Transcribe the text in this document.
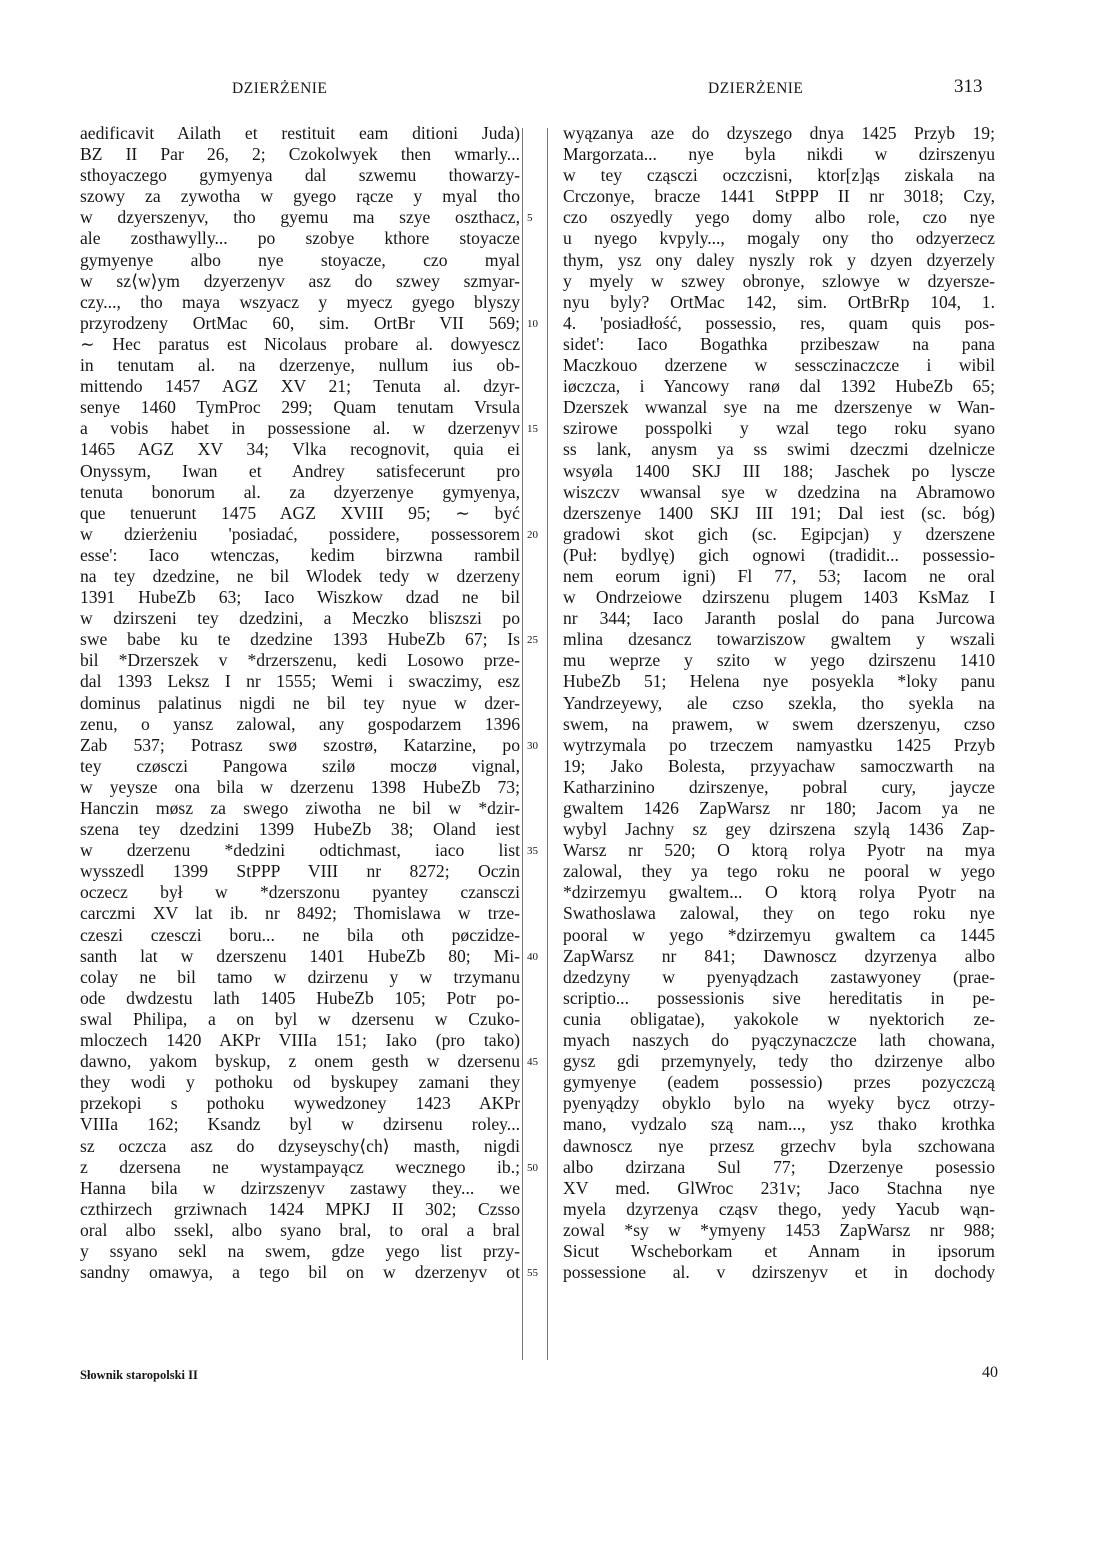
DZIERŻENIE	DZIERŻENIE	313
aedificavit Ailath et restituit eam ditioni Juda)
BZ II Par 26, 2; Czokolwyek then wmarly...
sthoyaczego gymyenya dal szwemu thowarzy-
szowy za zywotha w gyego rącze y myal tho
w dzyerszenyv, tho gyemu ma szye oszthacz,
ale zosthawylly... po szobye kthore stoyacze
gymyenye albo nye stoyacze, czo myal
w sz⟨w⟩ym dzyerzenyv asz do szwey szmyar-
czy..., tho maya wszyacz y myecz gyego blyszy
przyrodzeny OrtMac 60, sim. OrtBr VII 569;
∼ Hec paratus est Nicolaus probare al. dowyescz
in tenutam al. na dzerzenye, nullum ius ob-
mittendo 1457 AGZ XV 21; Tenuta al. dzyr-
senye 1460 TymProc 299; Quam tenutam Vrsula
a vobis habet in possessione al. w dzerzenyv
1465 AGZ XV 34; Vlka recognovit, quia ei
Onyssym, Iwan et Andrey satisfecerunt pro
tenuta bonorum al. za dzyerzenye gymyenya,
que tenuerunt 1475 AGZ XVIII 95; ∼ być
w dzierżeniu 'posiadać, possidere, possessorem
esse': Iaco wtenczas, kedim birzwna rambil
na tey dzedzine, ne bil Wlodek tedy w dzerzeny
1391 HubeZb 63; Iaco Wiszkow dzad ne bil
w dzirszeni tey dzedzini, a Meczko bliszszi po
swe babe ku te dzedzine 1393 HubeZb 67; Is
bil *Drzerszek v *drzerszenu, kedi Losowo prze-
dal 1393 Leksz I nr 1555; Wemi i swaczimy, esz
dominus palatinus nigdi ne bil tey nyue w dzer-
zenu, o yansz zalowal, any gospodarzem 1396
Zab 537; Potrasz swø szostrø, Katarzine, po
tey czøsczi Pangowa szilø moczø vignal,
w yeysze ona bila w dzerzenu 1398 HubeZb 73;
Hanczin møsz za swego ziwotha ne bil w *dzir-
szena tey dzedzini 1399 HubeZb 38; Oland iest
w dzerzenu *dedzini odtichmast, iaco list
wysszedl 1399 StPPP VIII nr 8272; Oczin
oczecz był w *dzerszonu pyantey czansczi
carczmi XV lat ib. nr 8492; Thomislawa w trze-
czeszi czesczi boru... ne bila oth pøczidze-
santh lat w dzerszenu 1401 HubeZb 80; Mi-
colay ne bil tamo w dzirzenu y w trzymanu
ode dwdzestu lath 1405 HubeZb 105; Potr po-
swal Philipa, a on byl w dzersenu w Czuko-
mloczech 1420 AKPr VIIIa 151; Iako (pro tako)
dawno, yakom byskup, z onem gesth w dzersenu
they wodi y pothoku od byskupey zamani they
przekopi s pothoku wywedzoney 1423 AKPr
VIIIa 162; Ksandz byl w dzirsenu roley...
sz oczcza asz do dzyseyschy⟨ch⟩ masth, nigdi
z dzersena ne wystampayącz wecznego ib.;
Hanna bila w dzirzszenyv zastawy they... we
czthirzech grziwnach 1424 MPKJ II 302; Czsso
oral albo ssekl, albo syano bral, to oral a bral
y ssyano sekl na swem, gdze yego list przy-
sandny omawya, a tego bil on w dzerzenyv ot
5
10
15
20
25
30
35
40
45
50
55
wyązanya aze do dzyszego dnya 1425 Przyb 19;
Margorzata... nye byla nikdi w dzirszenyu
w tey cząsczi oczczisni, ktor[z]ąs ziskala na
Crczonye, bracze 1441 StPPP II nr 3018; Czy,
czo oszyedly yego domy albo role, czo nye
u nyego kvpyly..., mogaly ony tho odzyerzecz
thym, ysz ony daley nyszly rok y dzyen dzyerzely
y myely w szwey obronye, szlowye w dzyersze-
nyu byly? OrtMac 142, sim. OrtBrRp 104, 1.
4. 'posiadłość, possessio, res, quam quis pos-
sidet': Iaco Bogathka przibeszaw na pana
Maczkouo dzerzene w sessczinaczcze i wibil
iøczcza, i Yancowy ranø dal 1392 HubeZb 65;
Dzerszek wwanzal sye na me dzerszenye w Wan-
szirowe posspolki y wzal tego roku syano
ss lank, anysm ya ss swimi dzeczmi dzelnicze
wsyøla 1400 SKJ III 188; Jaschek po lyscze
wiszczv wwansal sye w dzedzina na Abramowo
dzerszenye 1400 SKJ III 191; Dal iest (sc. bóg)
gradowi skot gich (sc. Egipcjan) y dzerszene
(Puł: bydlyę) gich ognowi (tradidit... possessio-
nem eorum igni) Fl 77, 53; Iacom ne oral
w Ondrzeiowe dzirszenu plugem 1403 KsMaz I
nr 344; Iaco Jaranth poslal do pana Jurcowa
mlina dzesancz towarziszow gwaltem y wszali
mu weprze y szito w yego dzirszenu 1410
HubeZb 51; Helena nye posyekla *loky panu
Yandrzeyewy, ale czso szekla, tho syekla na
swem, na prawem, w swem dzerszenyu, czso
wytrzymala po trzeczem namyastku 1425 Przyb
19; Jako Bolesta, przyyachaw samoczwarth na
Katharzinino dzirszenye, pobral cury, jaycze
gwaltem 1426 ZapWarsz nr 180; Jacom ya ne
wybyl Jachny sz gey dzirszena szylą 1436 Zap-
Warsz nr 520; O ktorą rolya Pyotr na mya
zalowal, they ya tego roku ne pooral w yego
*dzirzemyu gwaltem... O ktorą rolya Pyotr na
Swathoslawa zalowal, they on tego roku nye
pooral w yego *dzirzemyu gwaltem ca 1445
ZapWarsz nr 841; Dawnoscz dzyrzenya albo
dzedzyny w pyenyądzach zastawyoney (prae-
scriptio... possessionis sive hereditatis in pe-
cunia obligatae), yakokole w nyektorich ze-
myach naszych do pyączynaczcze lath chowana,
gysz gdi przemynyely, tedy tho dzirzenye albo
gymyenye (eadem possessio) przes pozyczczą
pyenyądzy obyklo bylo na wyeky bycz otrzy-
mano, vydzalo szą nam..., ysz thako krothka
dawnoscz nye przesz grzechv byla szchowana
albo dzirzana Sul 77; Dzerzenye posessio
XV med. GlWroc 231v; Jaco Stachna nye
myela dzyrzenya cząsv thego, yedy Yacub wąn-
zowal *sy w *ymyeny 1453 ZapWarsz nr 988;
Sicut Wscheborkam et Annam in ipsorum
possessione al. v dzirszenyv et in dochody
Słownik staropolski II	40
